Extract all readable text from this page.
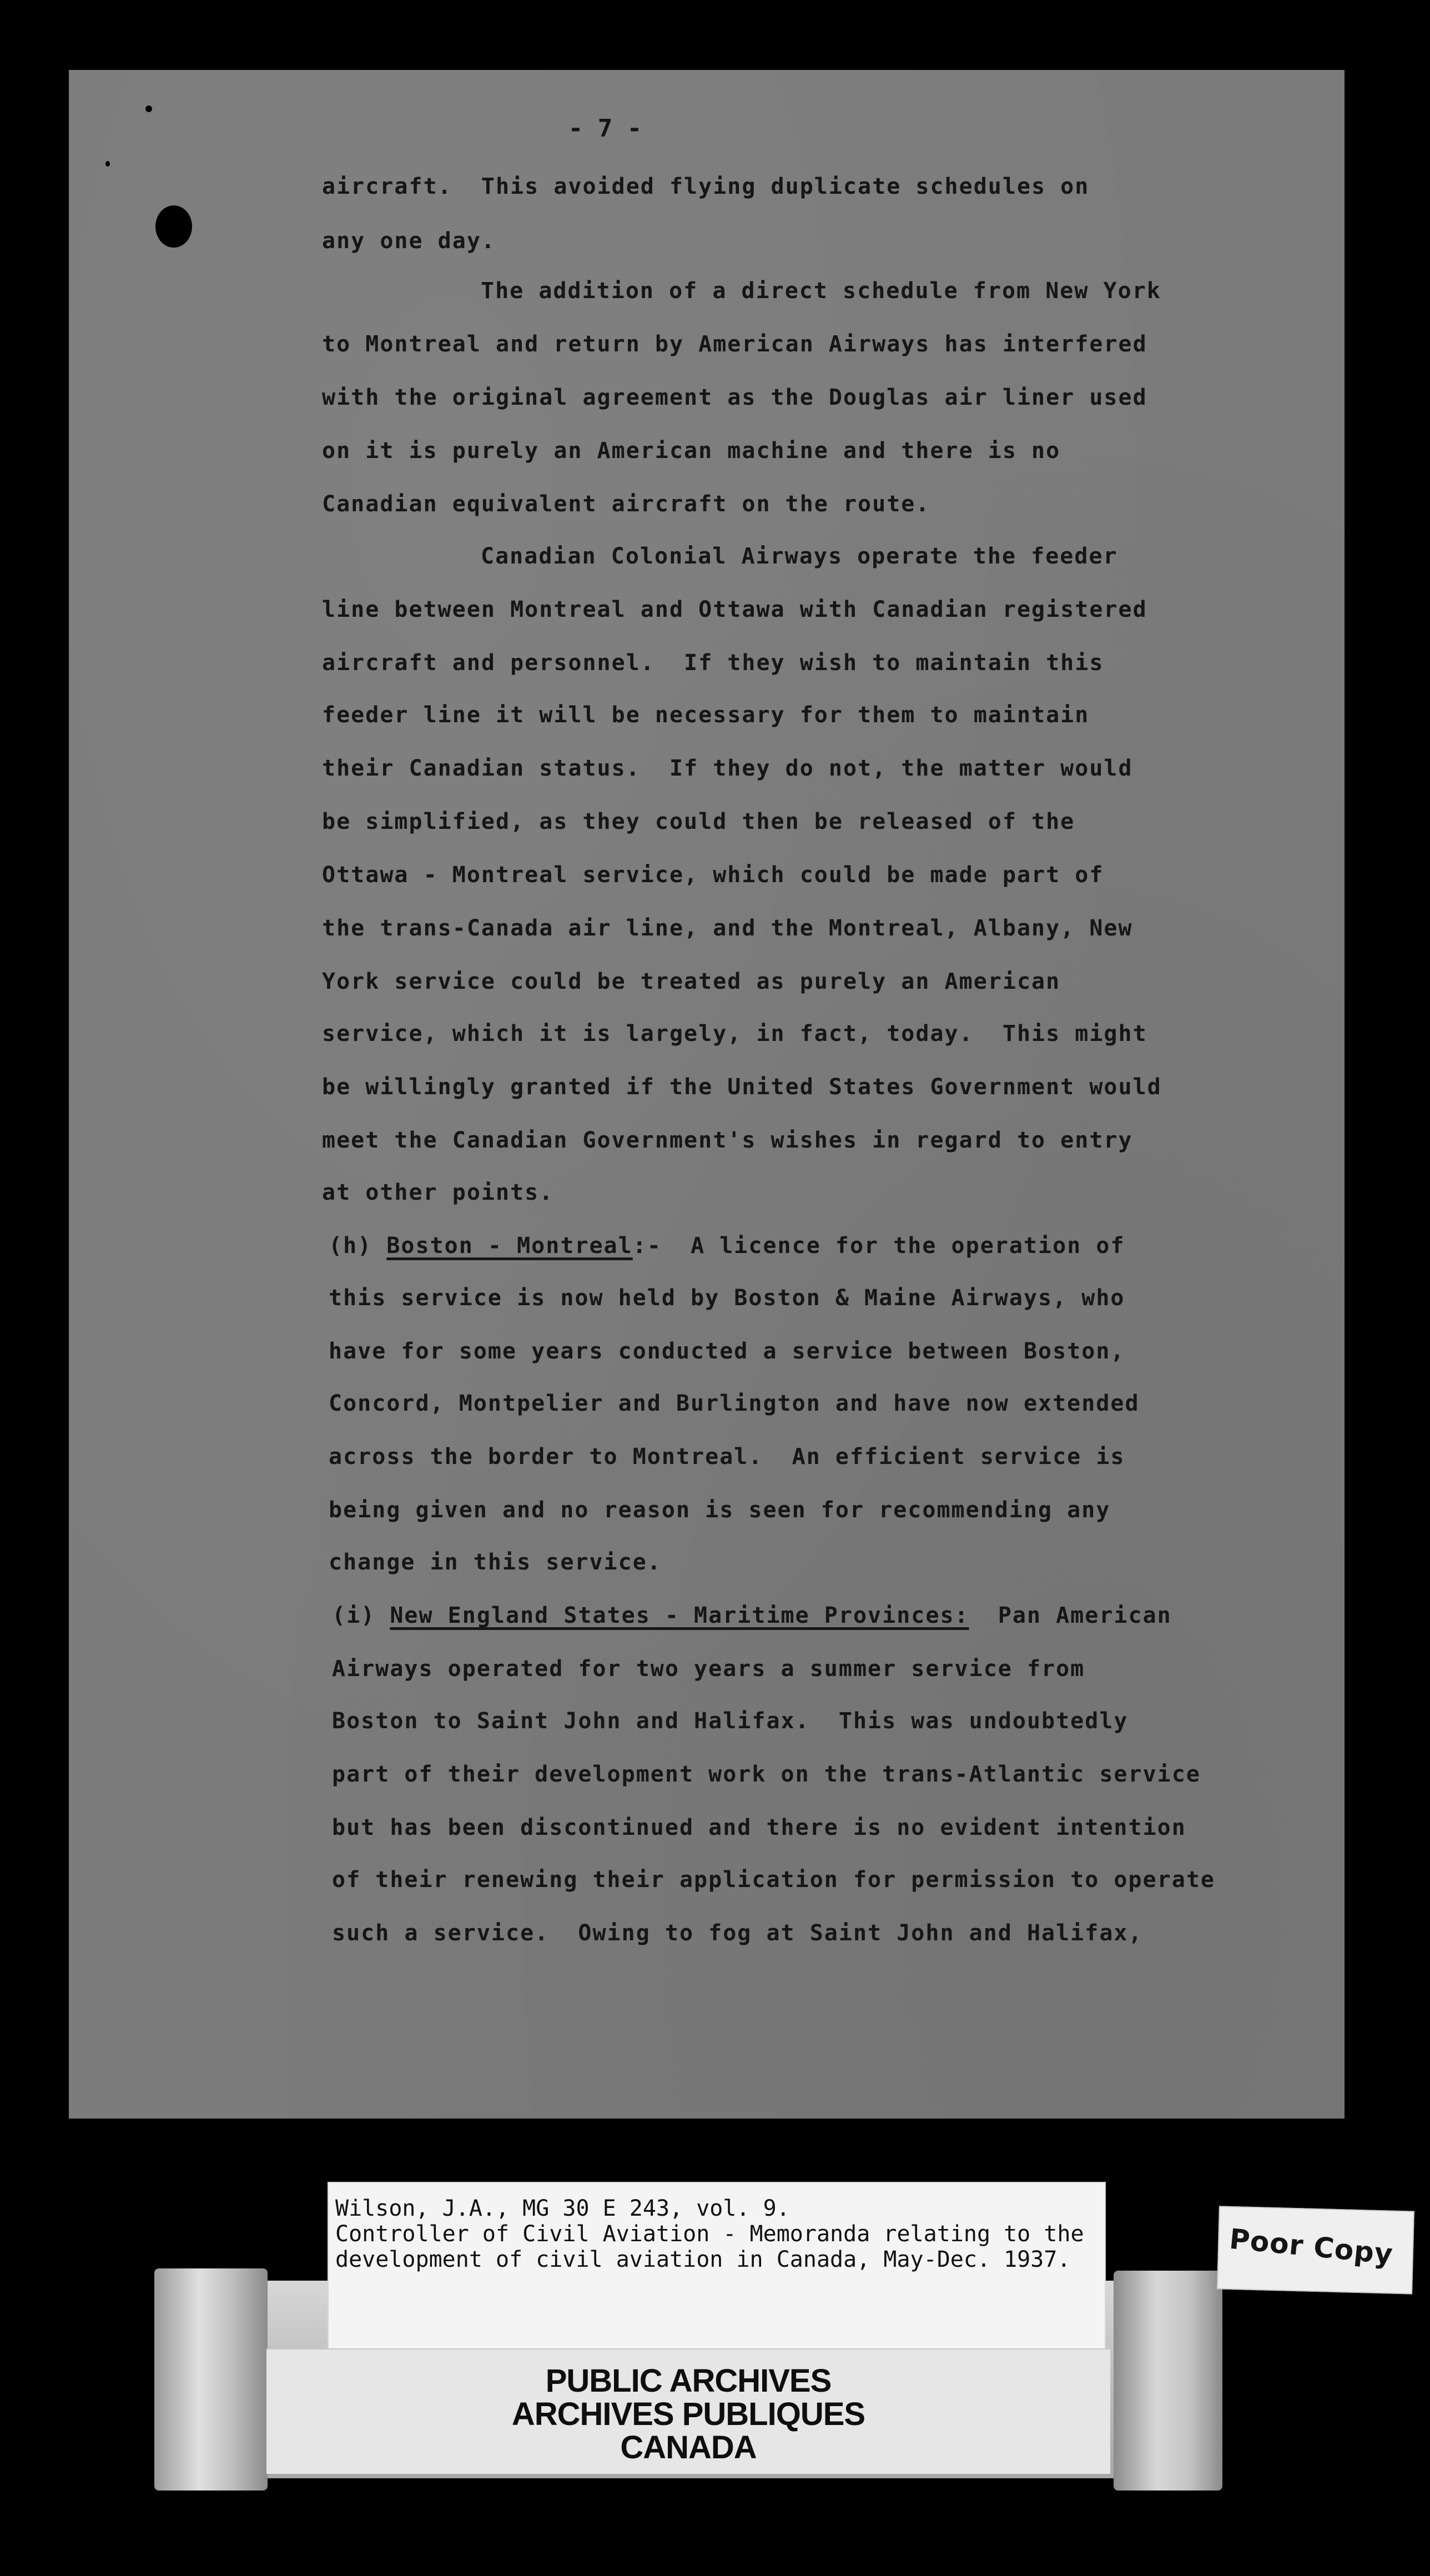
- 7 -
aircraft.  This avoided flying duplicate schedules on
any one day.
The addition of a direct schedule from New York
to Montreal and return by American Airways has interfered
with the original agreement as the Douglas air liner used
on it is purely an American machine and there is no
Canadian equivalent aircraft on the route.
Canadian Colonial Airways operate the feeder
line between Montreal and Ottawa with Canadian registered
aircraft and personnel.  If they wish to maintain this
feeder line it will be necessary for them to maintain
their Canadian status.  If they do not, the matter would
be simplified, as they could then be released of the
Ottawa - Montreal service, which could be made part of
the trans-Canada air line, and the Montreal, Albany, New
York service could be treated as purely an American
service, which it is largely, in fact, today.  This might
be willingly granted if the United States Government would
meet the Canadian Government's wishes in regard to entry
at other points.
(h) Boston - Montreal:-  A licence for the operation of
this service is now held by Boston & Maine Airways, who
have for some years conducted a service between Boston,
Concord, Montpelier and Burlington and have now extended
across the border to Montreal.  An efficient service is
being given and no reason is seen for recommending any
change in this service.
(i) New England States - Maritime Provinces:  Pan American
Airways operated for two years a summer service from
Boston to Saint John and Halifax.  This was undoubtedly
part of their development work on the trans-Atlantic service
but has been discontinued and there is no evident intention
of their renewing their application for permission to operate
such a service.  Owing to fog at Saint John and Halifax,
Wilson, J.A., MG 30 E 243, vol. 9.
Controller of Civil Aviation - Memoranda relating to the
development of civil aviation in Canada, May-Dec. 1937.
PUBLIC ARCHIVES
ARCHIVES PUBLIQUES
CANADA
Poor Copy
